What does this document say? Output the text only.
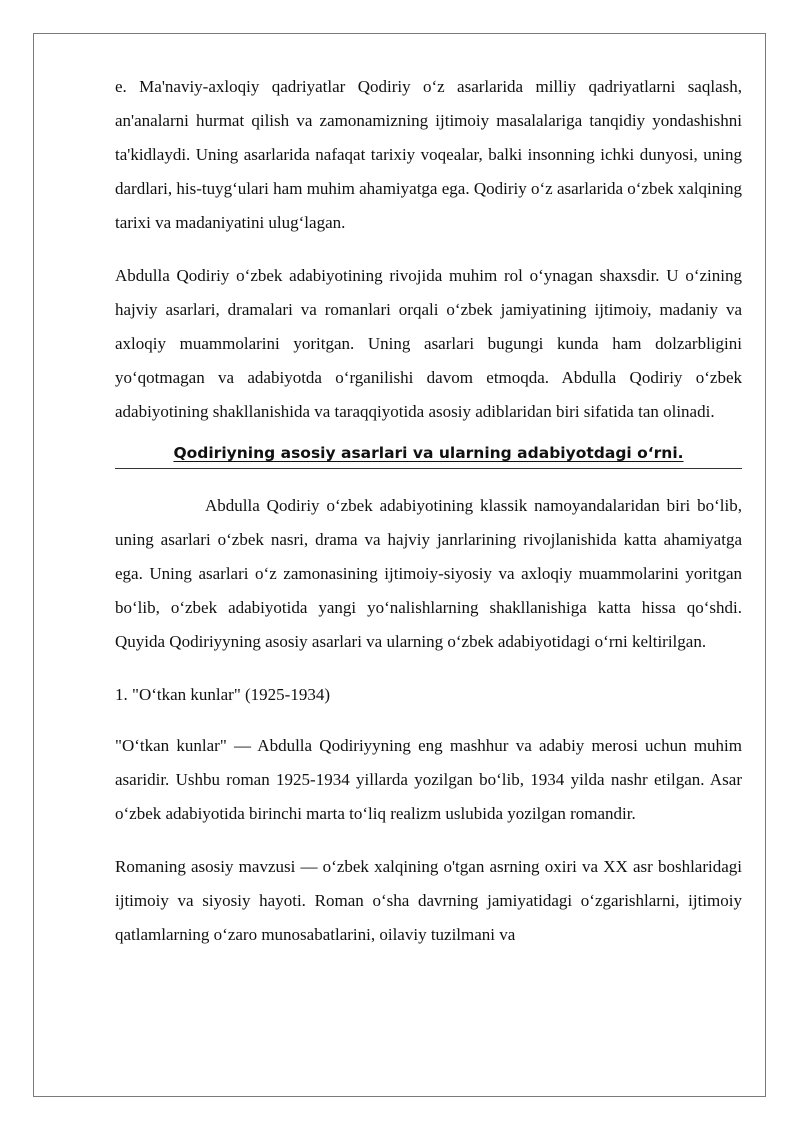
e. Ma'naviy-axloqiy qadriyatlar Qodiriy o‘z asarlarida milliy qadriyatlarni saqlash, an'analarni hurmat qilish va zamonamizning ijtimoiy masalalariga tanqidiy yondashishni ta'kidlaydi. Uning asarlarida nafaqat tarixiy voqealar, balki insonning ichki dunyosi, uning dardlari, his-tuyg‘ulari ham muhim ahamiyatga ega. Qodiriy o‘z asarlarida o‘zbek xalqining tarixi va madaniyatini ulug‘lagan.

Abdulla Qodiriy o‘zbek adabiyotining rivojida muhim rol o‘ynagan shaxsdir. U o‘zining hajviy asarlari, dramalari va romanlari orqali o‘zbek jamiyatining ijtimoiy, madaniy va axloqiy muammolarini yoritgan. Uning asarlari bugungi kunda ham dolzarbligini yo‘qotmagan va adabiyotda o‘rganilishi davom etmoqda. Abdulla Qodiriy o‘zbek adabiyotining shakllanishida va taraqqiyotida asosiy adiblaridan biri sifatida tan olinadi.

Qodiriyning asosiy asarlari va ularning adabiyotdagi o‘rni.

Abdulla Qodiriy o‘zbek adabiyotining klassik namoyandalaridan biri bo‘lib, uning asarlari o‘zbek nasri, drama va hajviy janrlarining rivojlanishida katta ahamiyatga ega. Uning asarlari o‘z zamonasining ijtimoiy-siyosiy va axloqiy muammolarini yoritgan bo‘lib, o‘zbek adabiyotida yangi yo‘nalishlarning shakllanishiga katta hissa qo‘shdi. Quyida Qodiriyyning asosiy asarlari va ularning o‘zbek adabiyotidagi o‘rni keltirilgan.

1. "O‘tkan kunlar" (1925-1934)

"O‘tkan kunlar" — Abdulla Qodiriyyning eng mashhur va adabiy merosi uchun muhim asaridir. Ushbu roman 1925-1934 yillarda yozilgan bo‘lib, 1934 yilda nashr etilgan. Asar o‘zbek adabiyotida birinchi marta to‘liq realizm uslubida yozilgan romandir.

Romaning asosiy mavzusi — o‘zbek xalqining o'tgan asrning oxiri va XX asr boshlaridagi ijtimoiy va siyosiy hayoti. Roman o‘sha davrning jamiyatidagi o‘zgarishlarni, ijtimoiy qatlamlarning o‘zaro munosabatlarini, oilaviy tuzilmani va
